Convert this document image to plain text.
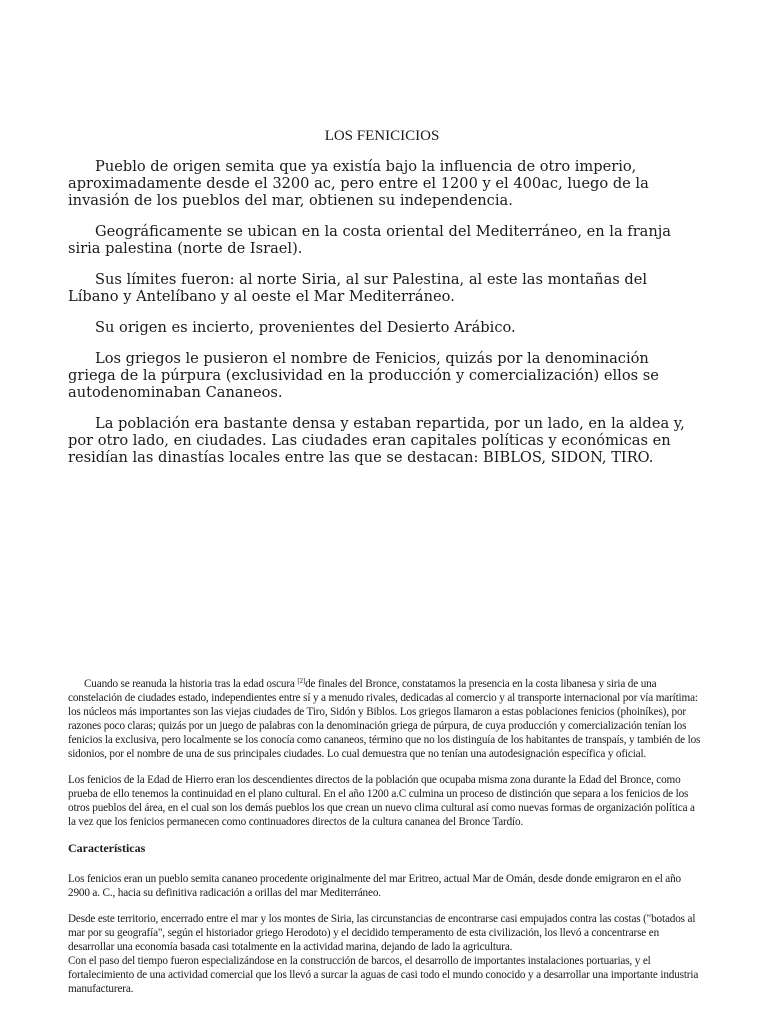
LOS FENICICIOS

Pueblo de origen semita que ya existía bajo la influencia de otro imperio, aproximadamente desde el 3200 ac, pero entre el 1200 y el 400ac, luego de la invasión de los pueblos del mar, obtienen su independencia.

Geográficamente se ubican en la costa oriental del Mediterráneo, en la franja siria palestina (norte de Israel).

Sus límites fueron: al norte Siria, al sur Palestina, al este las montañas del Líbano y Antelíbano y al oeste el Mar Mediterráneo.

Su origen es incierto, provenientes del Desierto Arábico.

Los griegos le pusieron el nombre de Fenicios, quizás por la denominación griega de la púrpura (exclusividad en la producción y comercialización) ellos se autodenominaban Cananeos.

La población era bastante densa y estaban repartida, por un lado, en la aldea y, por otro lado, en ciudades. Las ciudades eran capitales políticas y económicas en residían las dinastías locales entre las que se destacan: BIBLOS, SIDON, TIRO.

Cuando se reanuda la historia tras la edad oscura [2]de finales del Bronce, constatamos la presencia en la costa libanesa y siria de una constelación de ciudades estado, independientes entre sí y a menudo rivales, dedicadas al comercio y al transporte internacional por vía marítima: los núcleos más importantes son las viejas ciudades de Tiro, Sidón y Biblos. Los griegos llamaron a estas poblaciones fenicios (phoiníkes), por razones poco claras; quizás por un juego de palabras con la denominación griega de púrpura, de cuya producción y comercialización tenían los fenicios la exclusiva, pero localmente se los conocía como cananeos, término que no los distinguía de los habitantes de transpaís, y también de los sidonios, por el nombre de una de sus principales ciudades. Lo cual demuestra que no tenían una autodesignación específica y oficial.

Los fenicios de la Edad de Hierro eran los descendientes directos de la población que ocupaba misma zona durante la Edad del Bronce, como prueba de ello tenemos la continuidad en el plano cultural. En el año 1200 a.C culmina un proceso de distinción que separa a los fenicios de los otros pueblos del área, en el cual son los demás pueblos los que crean un nuevo clima cultural así como nuevas formas de organización política a la vez que los fenicios permanecen como continuadores directos de la cultura cananea del Bronce Tardío.

Características

Los fenicios eran un pueblo semita cananeo procedente originalmente del mar Eritreo, actual Mar de Omán, desde donde emigraron en el año 2900 a. C., hacia su definitiva radicación a orillas del mar Mediterráneo.

Desde este territorio, encerrado entre el mar y los montes de Siria, las circunstancias de encontrarse casi empujados contra las costas ("botados al mar por su geografía", según el historiador griego Herodoto) y el decidido temperamento de esta civilización, los llevó a concentrarse en desarrollar una economía basada casi totalmente en la actividad marina, dejando de lado la agricultura.

Con el paso del tiempo fueron especializándose en la construcción de barcos, el desarrollo de importantes instalaciones portuarias, y el fortalecimiento de una actividad comercial que los llevó a surcar la aguas de casi todo el mundo conocido y a desarrollar una importante industria manufacturera.
